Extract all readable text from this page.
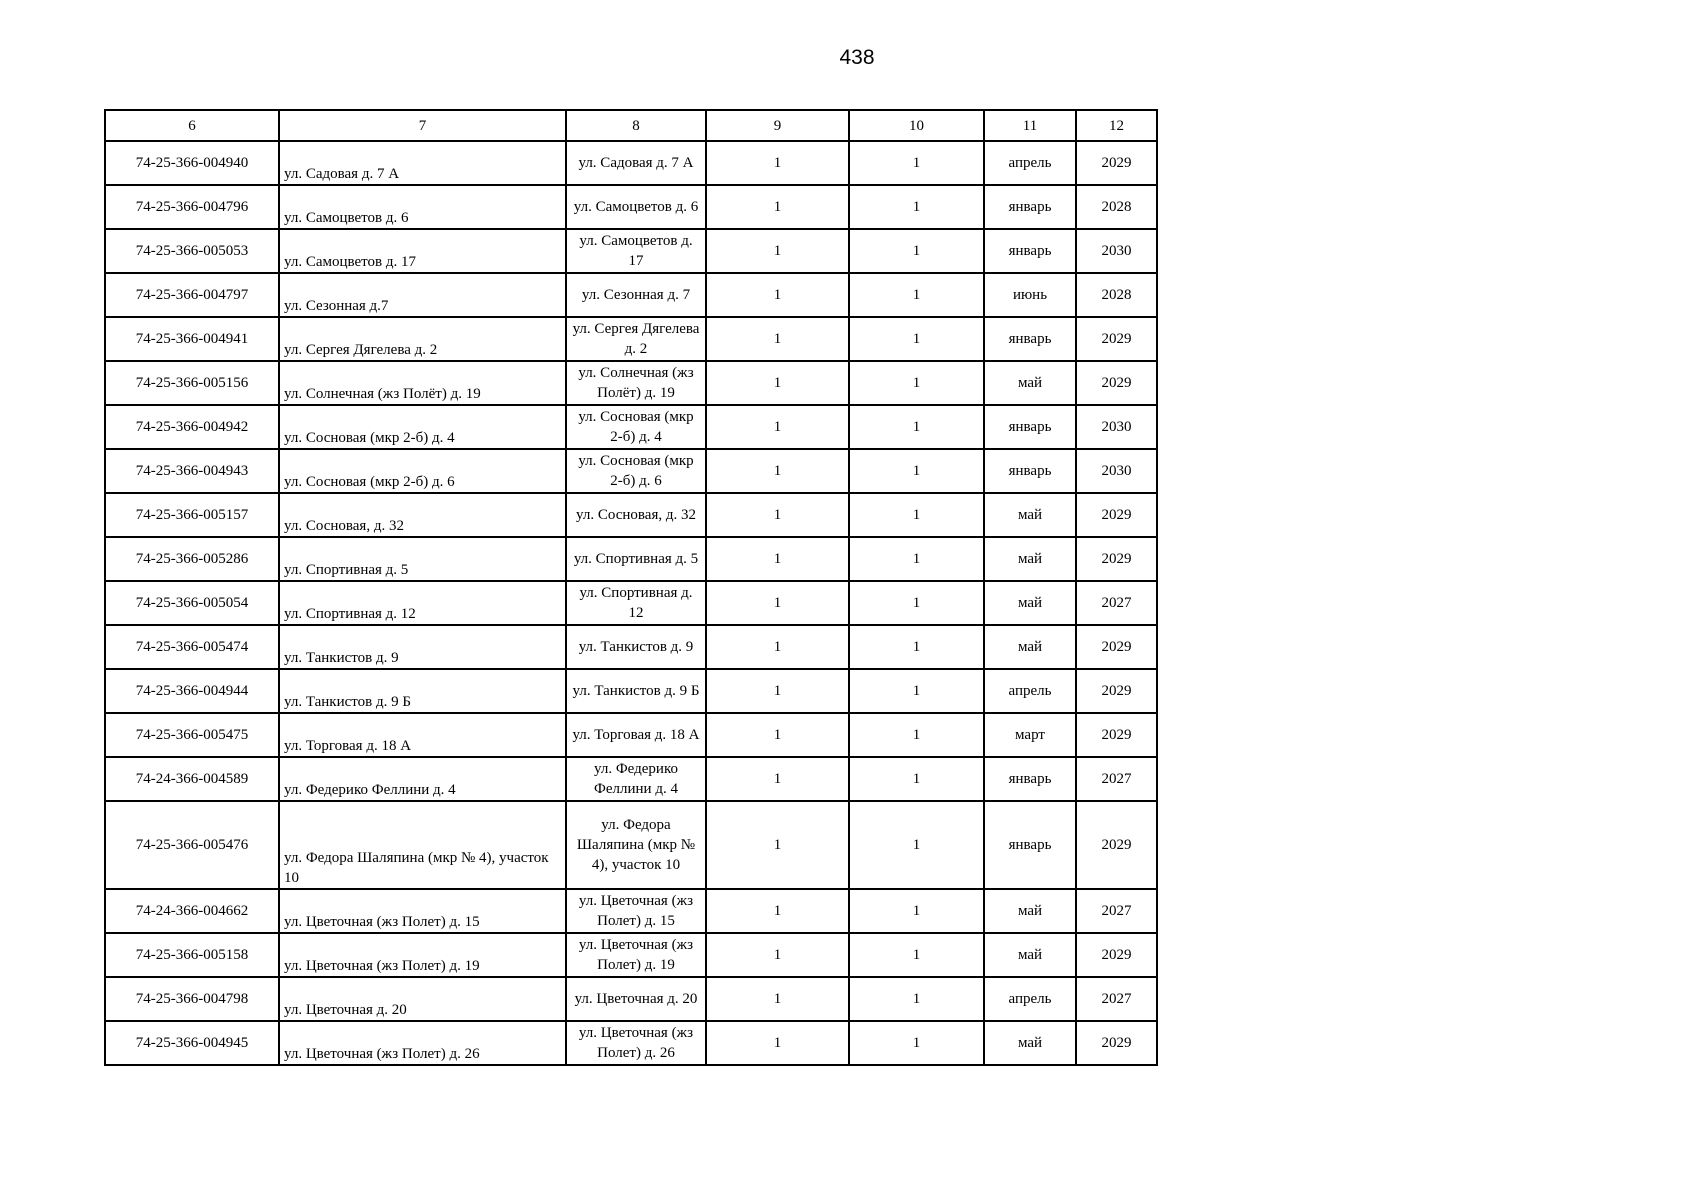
438
6	7	8	9	10	11	12
74-25-366-004940	ул. Садовая д. 7 А	ул. Садовая д. 7 А	1	1	апрель	2029
74-25-366-004796	ул. Самоцветов д. 6	ул. Самоцветов д. 6	1	1	январь	2028
74-25-366-005053	ул. Самоцветов д. 17	ул. Самоцветов д. 17	1	1	январь	2030
74-25-366-004797	ул. Сезонная д.7	ул. Сезонная д. 7	1	1	июнь	2028
74-25-366-004941	ул. Сергея Дягелева д. 2	ул. Сергея Дягелева д. 2	1	1	январь	2029
74-25-366-005156	ул. Солнечная (жз Полёт) д. 19	ул. Солнечная (жз Полёт) д. 19	1	1	май	2029
74-25-366-004942	ул. Сосновая (мкр 2-б) д. 4	ул. Сосновая (мкр 2-б) д. 4	1	1	январь	2030
74-25-366-004943	ул. Сосновая (мкр 2-б) д. 6	ул. Сосновая (мкр 2-б) д. 6	1	1	январь	2030
74-25-366-005157	ул. Сосновая, д. 32	ул. Сосновая, д. 32	1	1	май	2029
74-25-366-005286	ул. Спортивная д. 5	ул. Спортивная д. 5	1	1	май	2029
74-25-366-005054	ул. Спортивная д. 12	ул. Спортивная д. 12	1	1	май	2027
74-25-366-005474	ул. Танкистов д. 9	ул. Танкистов д. 9	1	1	май	2029
74-25-366-004944	ул. Танкистов д. 9 Б	ул. Танкистов д. 9 Б	1	1	апрель	2029
74-25-366-005475	ул. Торговая д. 18 А	ул. Торговая д. 18 А	1	1	март	2029
74-24-366-004589	ул. Федерико Феллини д. 4	ул. Федерико Феллини д. 4	1	1	январь	2027
74-25-366-005476	ул. Федора Шаляпина (мкр № 4), участок 10	ул. Федора Шаляпина (мкр № 4), участок 10	1	1	январь	2029
74-24-366-004662	ул. Цветочная (жз Полет) д. 15	ул. Цветочная (жз Полет) д. 15	1	1	май	2027
74-25-366-005158	ул. Цветочная (жз Полет) д. 19	ул. Цветочная (жз Полет) д. 19	1	1	май	2029
74-25-366-004798	ул. Цветочная д. 20	ул. Цветочная д. 20	1	1	апрель	2027
74-25-366-004945	ул. Цветочная (жз Полет) д. 26	ул. Цветочная (жз Полет) д. 26	1	1	май	2029
